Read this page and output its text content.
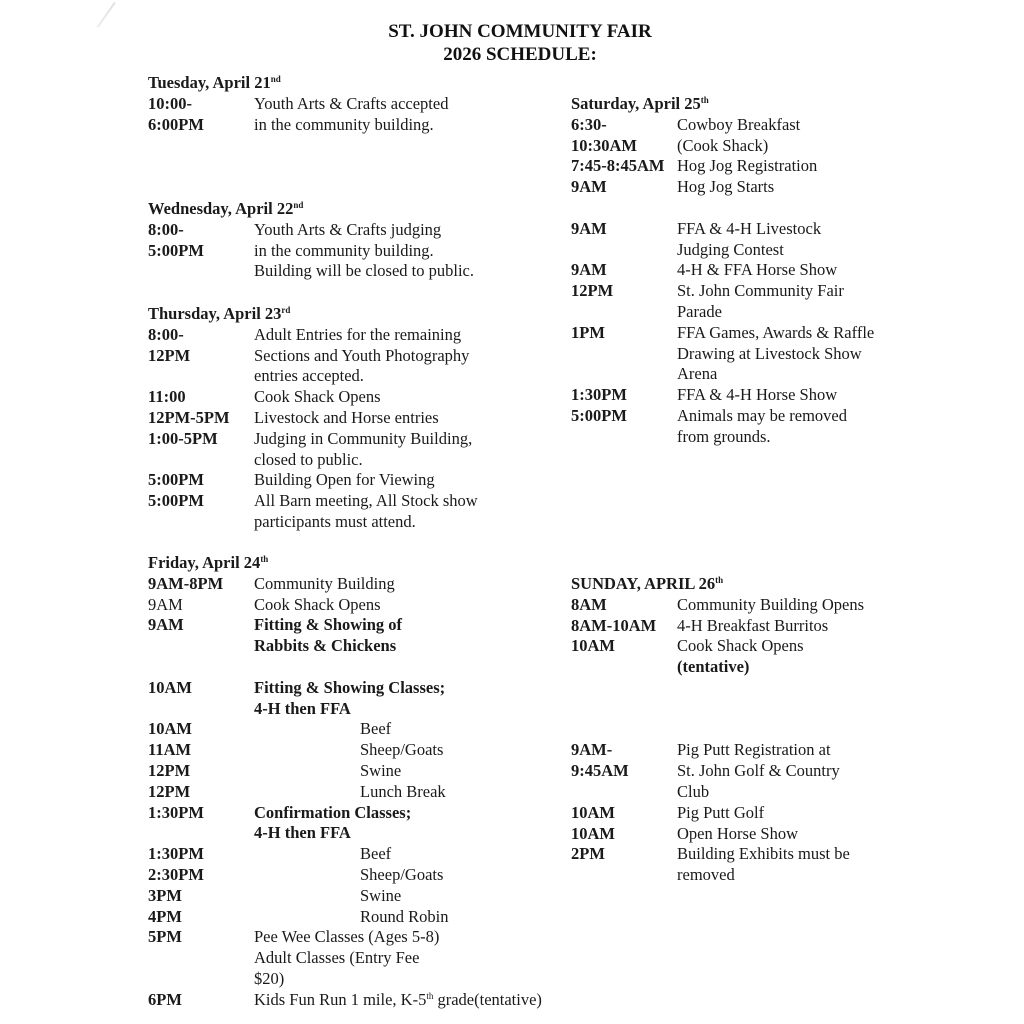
ST. JOHN COMMUNITY FAIR
2026 SCHEDULE:
Tuesday, April 21nd
10:00-	Youth Arts & Crafts accepted
6:00PM	in the community building.
Wednesday, April 22nd
8:00-	Youth Arts & Crafts judging
5:00PM	in the community building.
Building will be closed to public.
Thursday, April 23rd
8:00-	Adult Entries for the remaining
12PM	Sections and Youth Photography
entries accepted.
11:00	Cook Shack Opens
12PM-5PM Livestock and Horse entries
1:00-5PM Judging in Community Building,
closed to public.
5:00PM	Building Open for Viewing
5:00PM	All Barn meeting, All Stock show
participants must attend.
Friday, April 24th
9AM-8PM Community Building
9AM	Cook Shack Opens
9AM	Fitting & Showing of
Rabbits & Chickens
10AM	Fitting & Showing Classes;
4-H then FFA
10AM	Beef
11AM	Sheep/Goats
12PM	Swine
12PM	Lunch Break
1:30PM	Confirmation Classes;
4-H then FFA
1:30PM	Beef
2:30PM	Sheep/Goats
3PM	Swine
4PM	Round Robin
5PM	Pee Wee Classes (Ages 5-8)
Adult Classes (Entry Fee
$20)
6PM	Kids Fun Run 1 mile, K-5th grade(tentative)
Saturday, April 25th
6:30-	Cowboy Breakfast
10:30AM (Cook Shack)
7:45-8:45AM Hog Jog Registration
9AM	Hog Jog Starts
9AM	FFA & 4-H Livestock
Judging Contest
9AM	4-H & FFA Horse Show
12PM	St. John Community Fair
Parade
1PM	FFA Games, Awards & Raffle
Drawing at Livestock Show
Arena
1:30PM	FFA & 4-H Horse Show
5:00PM	Animals may be removed
from grounds.
SUNDAY, APRIL 26th
8AM	Community Building Opens
8AM-10AM 4-H Breakfast Burritos
10AM	Cook Shack Opens
(tentative)
9AM-	Pig Putt Registration at
9:45AM	St. John Golf & Country
Club
10AM	Pig Putt Golf
10AM	Open Horse Show
2PM	Building Exhibits must be
removed
